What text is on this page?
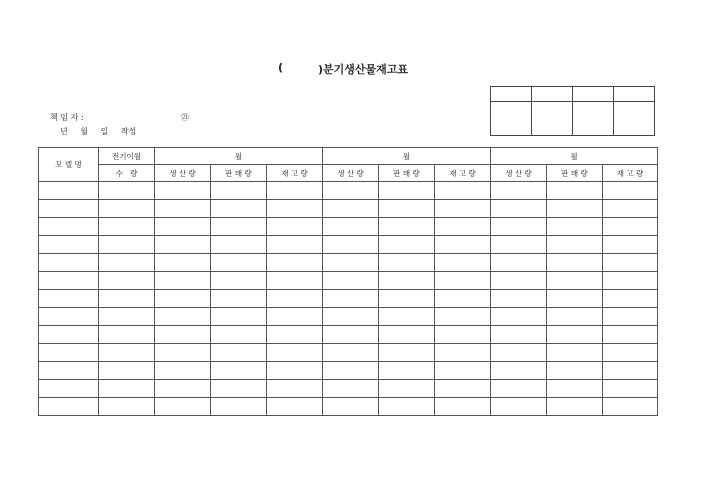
(	)분기생산물재고표

책 임 자 :	㉑
년 월 일 작성
모 델 명	전기이월	월			월			월		
	수   량	생 산 량	판 매 량	재 고 량	생 산 량	판 매 량	재 고 량	생 산 량	판 매 량	재 고 량
